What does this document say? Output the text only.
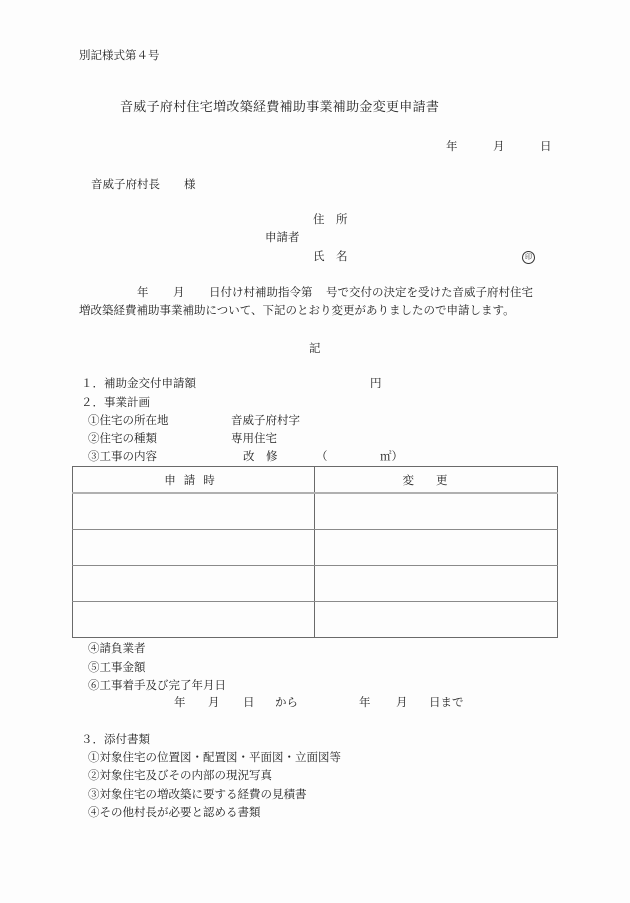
別記様式第４号
音威子府村住宅増改築経費補助事業補助金変更申請書
年	月	日
音威子府村長 様
住　所
申請者
氏　名	印
年 月 日付け村補助指令第 号で交付の決定を受けた音威子府村住宅
増改築経費補助事業補助について、下記のとおり変更がありましたので申請します。
記
１．補助金交付申請額	円
２．事業計画
①住宅の所在地	音威子府村字
②住宅の種類	専用住宅
③工事の内容	改　修	（	㎡）
申請時	変更

④請負業者
⑤工事金額
⑥工事着手及び完了年月日
年 月 日 から	年 月 日まで
３．添付書類
①対象住宅の位置図・配置図・平面図・立面図等
②対象住宅及びその内部の現況写真
③対象住宅の増改築に要する経費の見積書
④その他村長が必要と認める書類
